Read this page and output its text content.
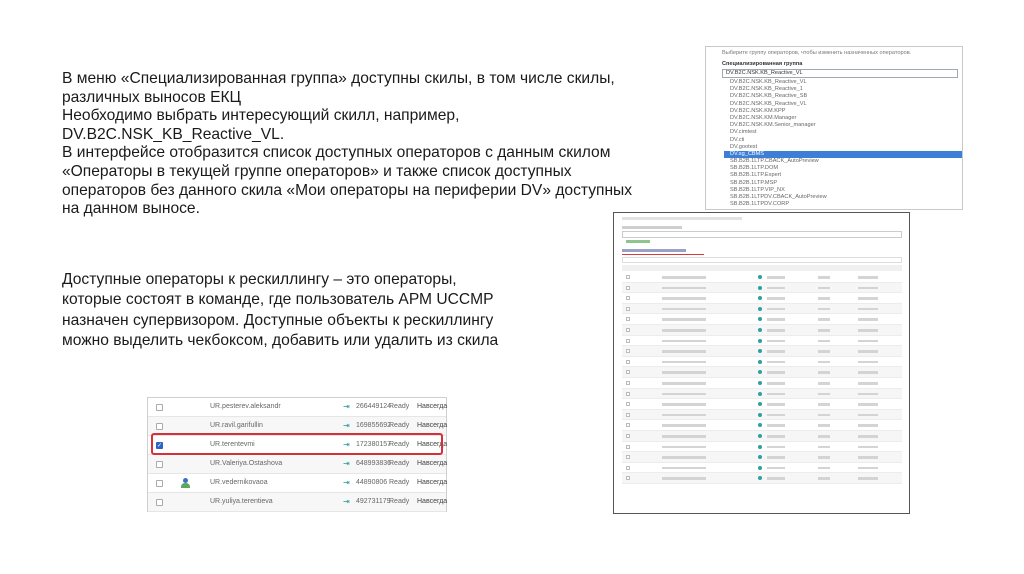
В меню «Специализированная группа» доступны скилы, в том числе скилы,
различных выносов ЕКЦ
Необходимо выбрать интересующий скилл, например,
DV.B2C.NSK_KB_Reactive_VL.
В интерфейсе отобразится список доступных операторов с данным скилом
«Операторы в текущей группе операторов» и также список доступных
операторов без данного скила «Мои операторы на периферии DV» доступных
на данном выносе.
Доступные операторы к рескиллингу – это операторы,
которые состоят в команде, где пользователь АРМ UCCMP
назначен супервизором. Доступные объекты к рескиллингу
можно выделить чекбоксом, добавить или удалить из скила
Выберите группу операторов, чтобы изменить назначенных операторов.
Специализированная группа
DV.B2C.NSK.KB_Reactive_VL
DV.B2C.NSK.KB_Reactive_VL
DV.B2C.NSK.KB_Reactive_1
DV.B2C.NSK.KB_Reactive_SB
DV.B2C.NSK.KB_Reactive_VL
DV.B2C.NSK.KM.KPP
DV.B2C.NSK.KM.Manager
DV.B2C.NSK.KM.Senior_manager
DV.cimtest
DV.cti
DV.gootest
DV.sg_CBMS
SB.B2B.1LTP.CBACK_AutoPreview
SB.B2B.1LTP.DOM
SB.B2B.1LTP.Expert
SB.B2B.1LTP.MSP
SB.B2B.1LTP.VIP_NX
SB.B2B.1LTPDV.CBACK_AutoPreview
SB.B2B.1LTPDV.CORP
UR.pesterev.aleksandr	⇥ 266449124
Ready Навсегда
UR.ravil.garifullin	⇥ 169855692
Ready Навсегда
✓	UR.terentevmi	⇥ 172380157
Ready Навсегда
UR.Valeriya.Ostashova	⇥ 648993836
Ready Навсегда
UR.vedernikovaoa	⇥ 44890806 Ready Навсегда
UR.yuliya.terentieva	⇥ 492731179
Ready Навсегда
